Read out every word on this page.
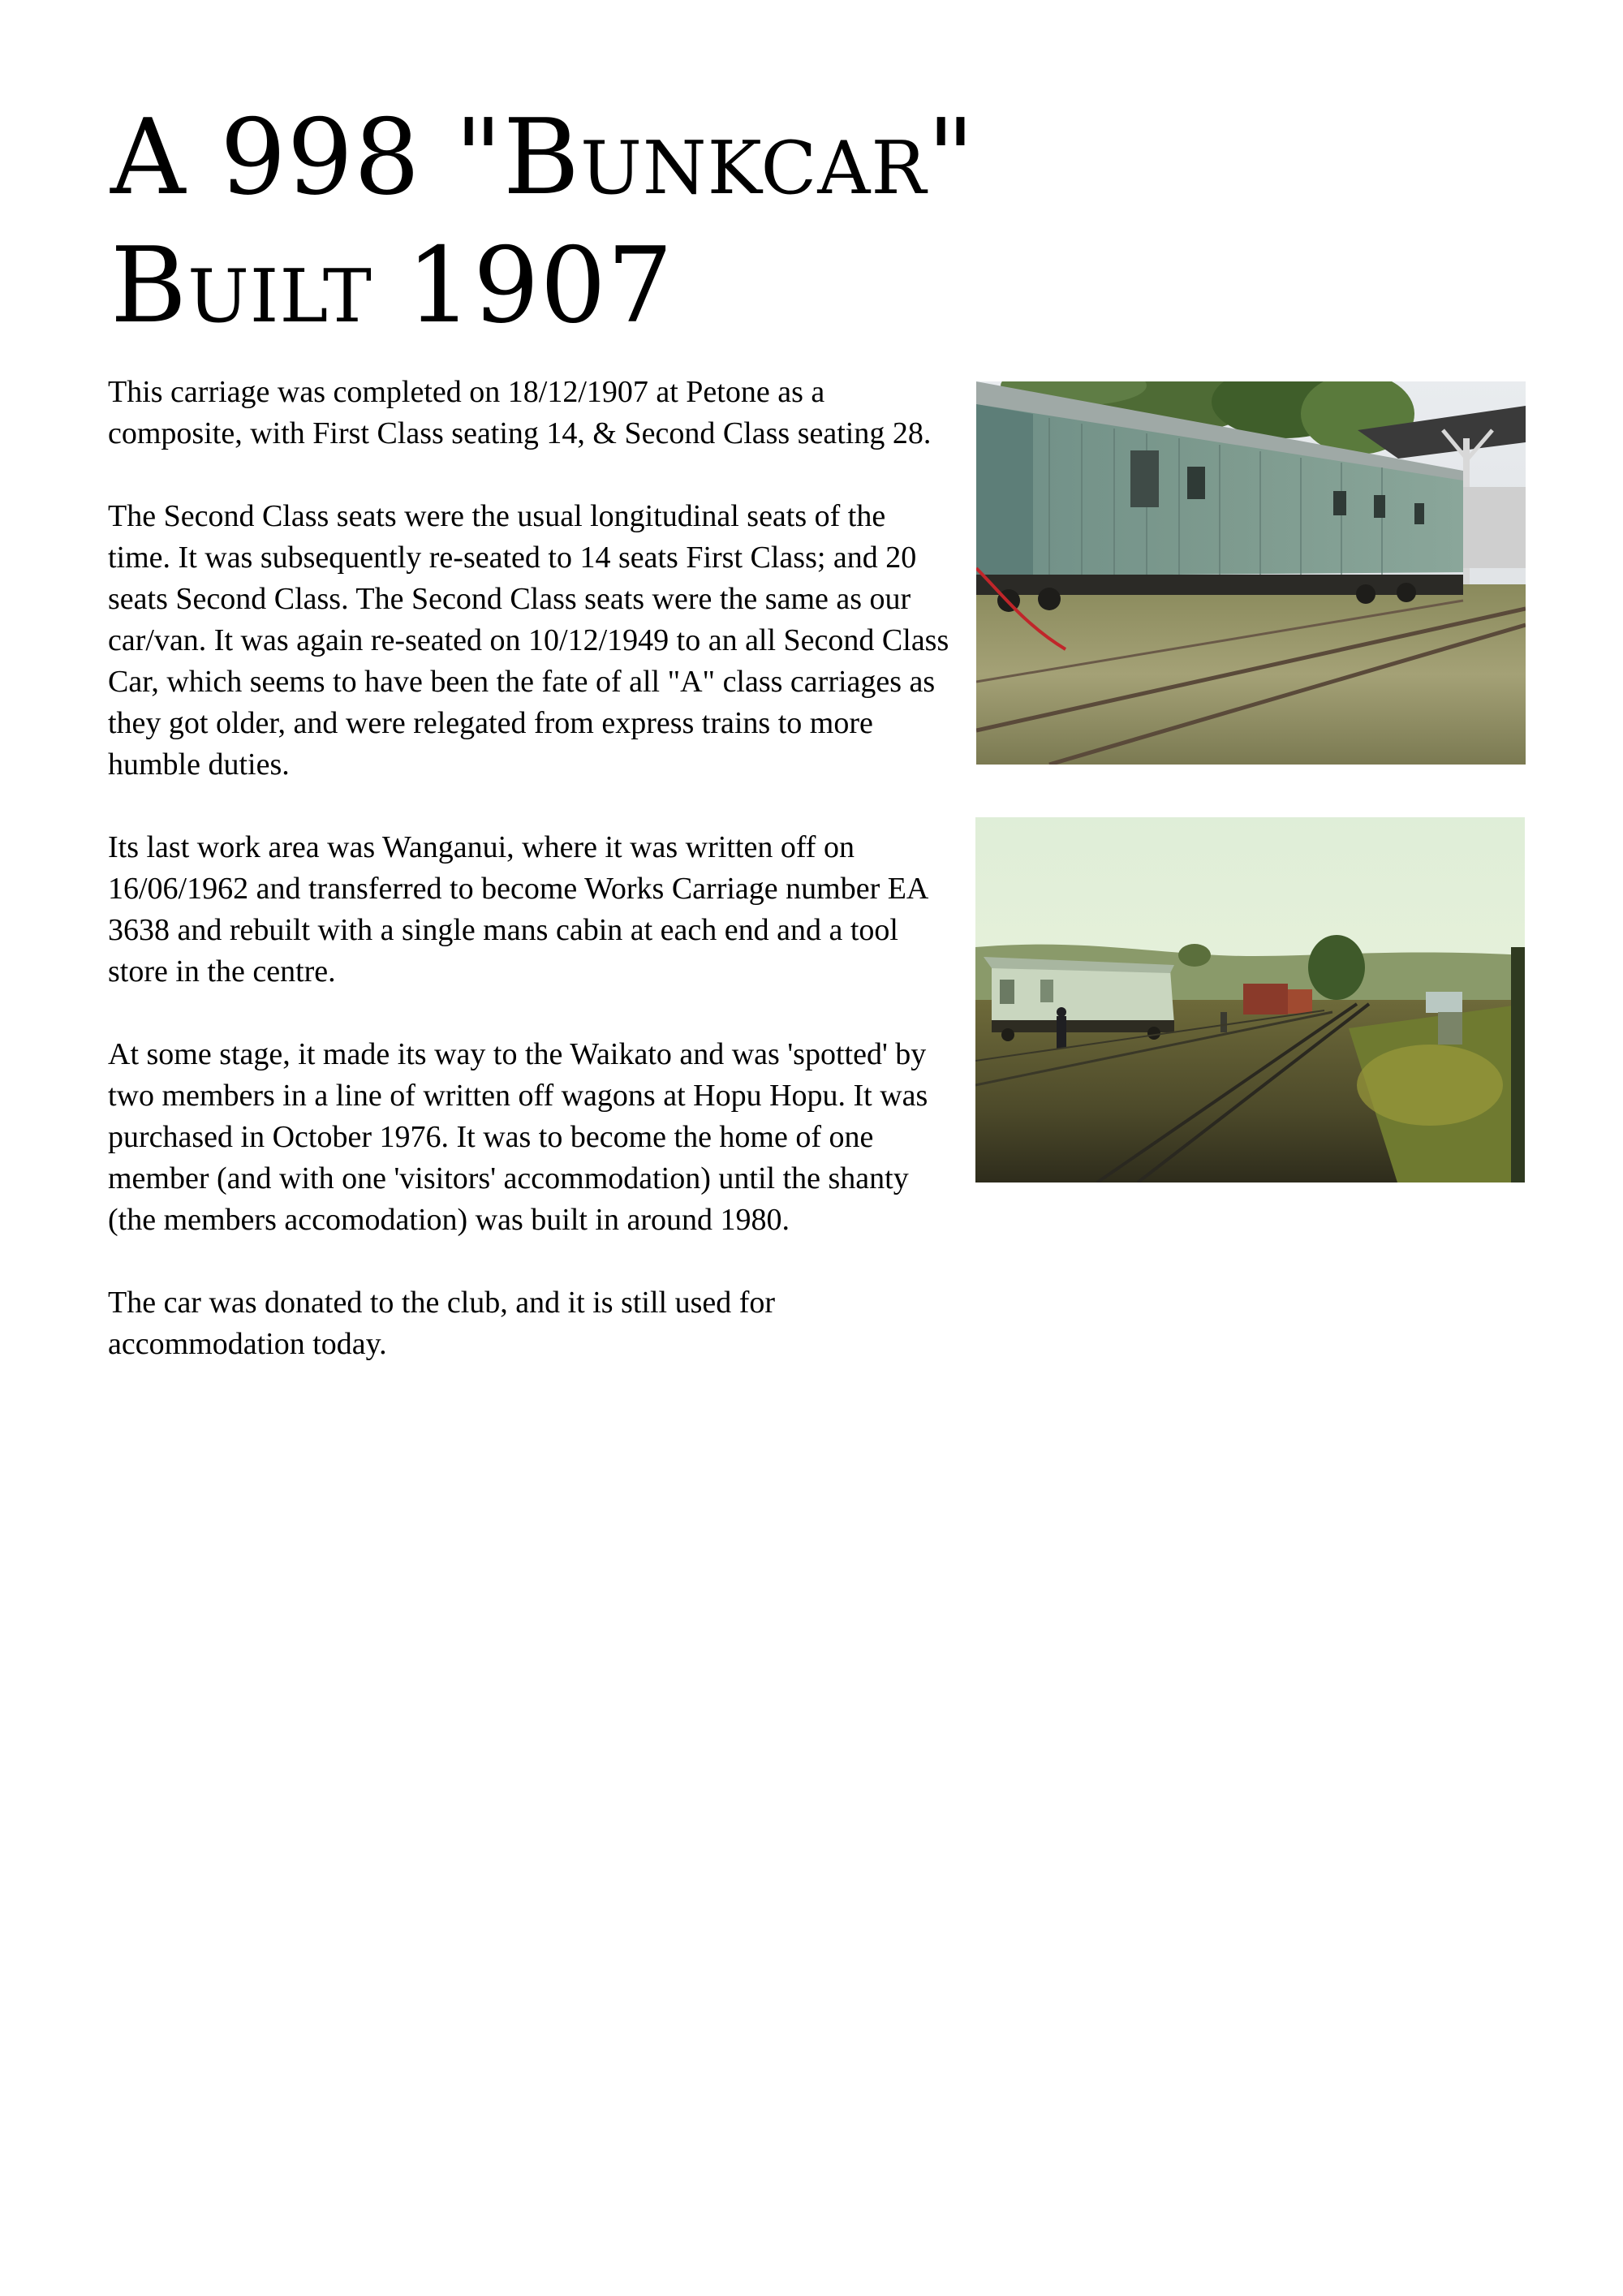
A 998 "Bunkcar"
Built 1907

This carriage was completed on 18/12/1907 at Petone as a composite, with First Class seating 14, & Second Class seating 28.

The Second Class seats were the usual longitudinal seats of the time. It was subsequently re-seated to 14 seats First Class; and 20 seats Second Class. The Second Class seats were the same as our car/van. It was again re-seated on 10/12/1949 to an all Second Class Car, which seems to have been the fate of all "A" class carriages as they got older, and were relegated from express trains to more humble duties.

Its last work area was Wanganui, where it was written off on 16/06/1962 and transferred to become Works Carriage number EA 3638 and rebuilt with a single mans cabin at each end and a tool store in the centre.

At some stage, it made its way to the Waikato and was 'spotted' by two members in a line of written off wagons at Hopu Hopu. It was purchased in October 1976. It was to become the home of one member (and with one 'visitors' accommodation) until the shanty (the members accomodation) was built in around 1980.

The car was donated to the club, and it is still used for accommodation today.
